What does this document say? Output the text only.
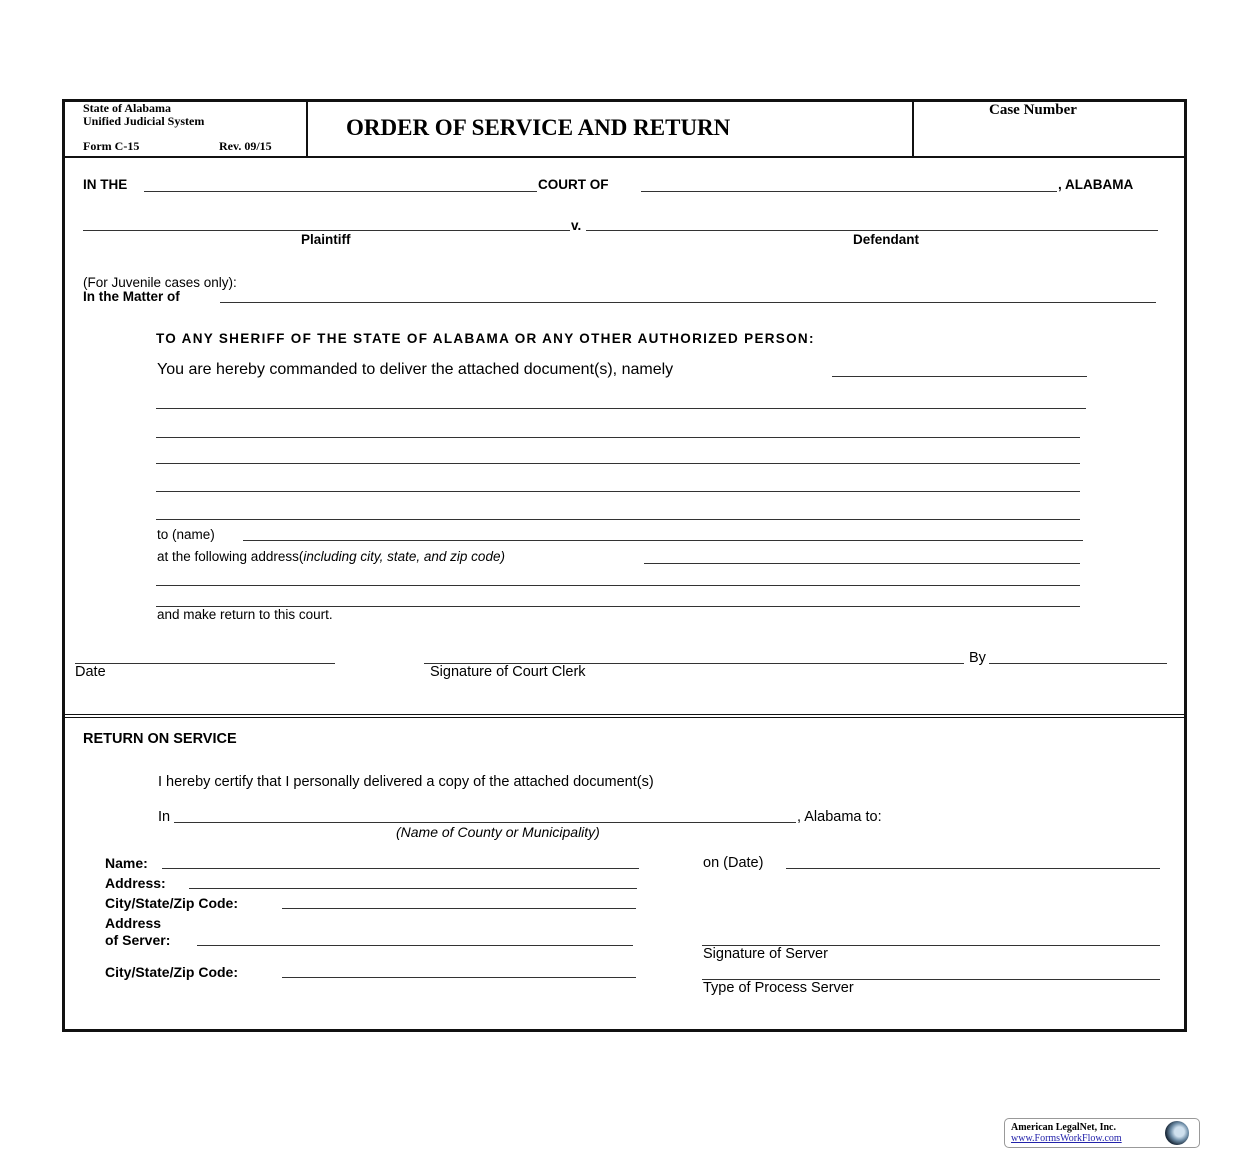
State of Alabama
Unified Judicial System
Form C-15	Rev. 09/15
ORDER OF SERVICE AND RETURN
Case Number
IN THE	COURT OF	, ALABAMA
v.
Plaintiff	Defendant
(For Juvenile cases only):
In the Matter of
TO ANY SHERIFF OF THE STATE OF ALABAMA OR ANY OTHER AUTHORIZED PERSON:
You are hereby commanded to deliver the attached document(s), namely
to (name)
at the following address(including city, state, and zip code)
and make return to this court.
Date	Signature of Court Clerk
By
RETURN ON SERVICE
I hereby certify that I personally delivered a copy of the attached document(s)
In	, Alabama to:
(Name of County or Municipality)
Name:
Address:
City/State/Zip Code:
Address
of Server:
City/State/Zip Code:
on (Date)
Signature of Server
Type of Process Server
American LegalNet, Inc.
www.FormsWorkFlow.com
